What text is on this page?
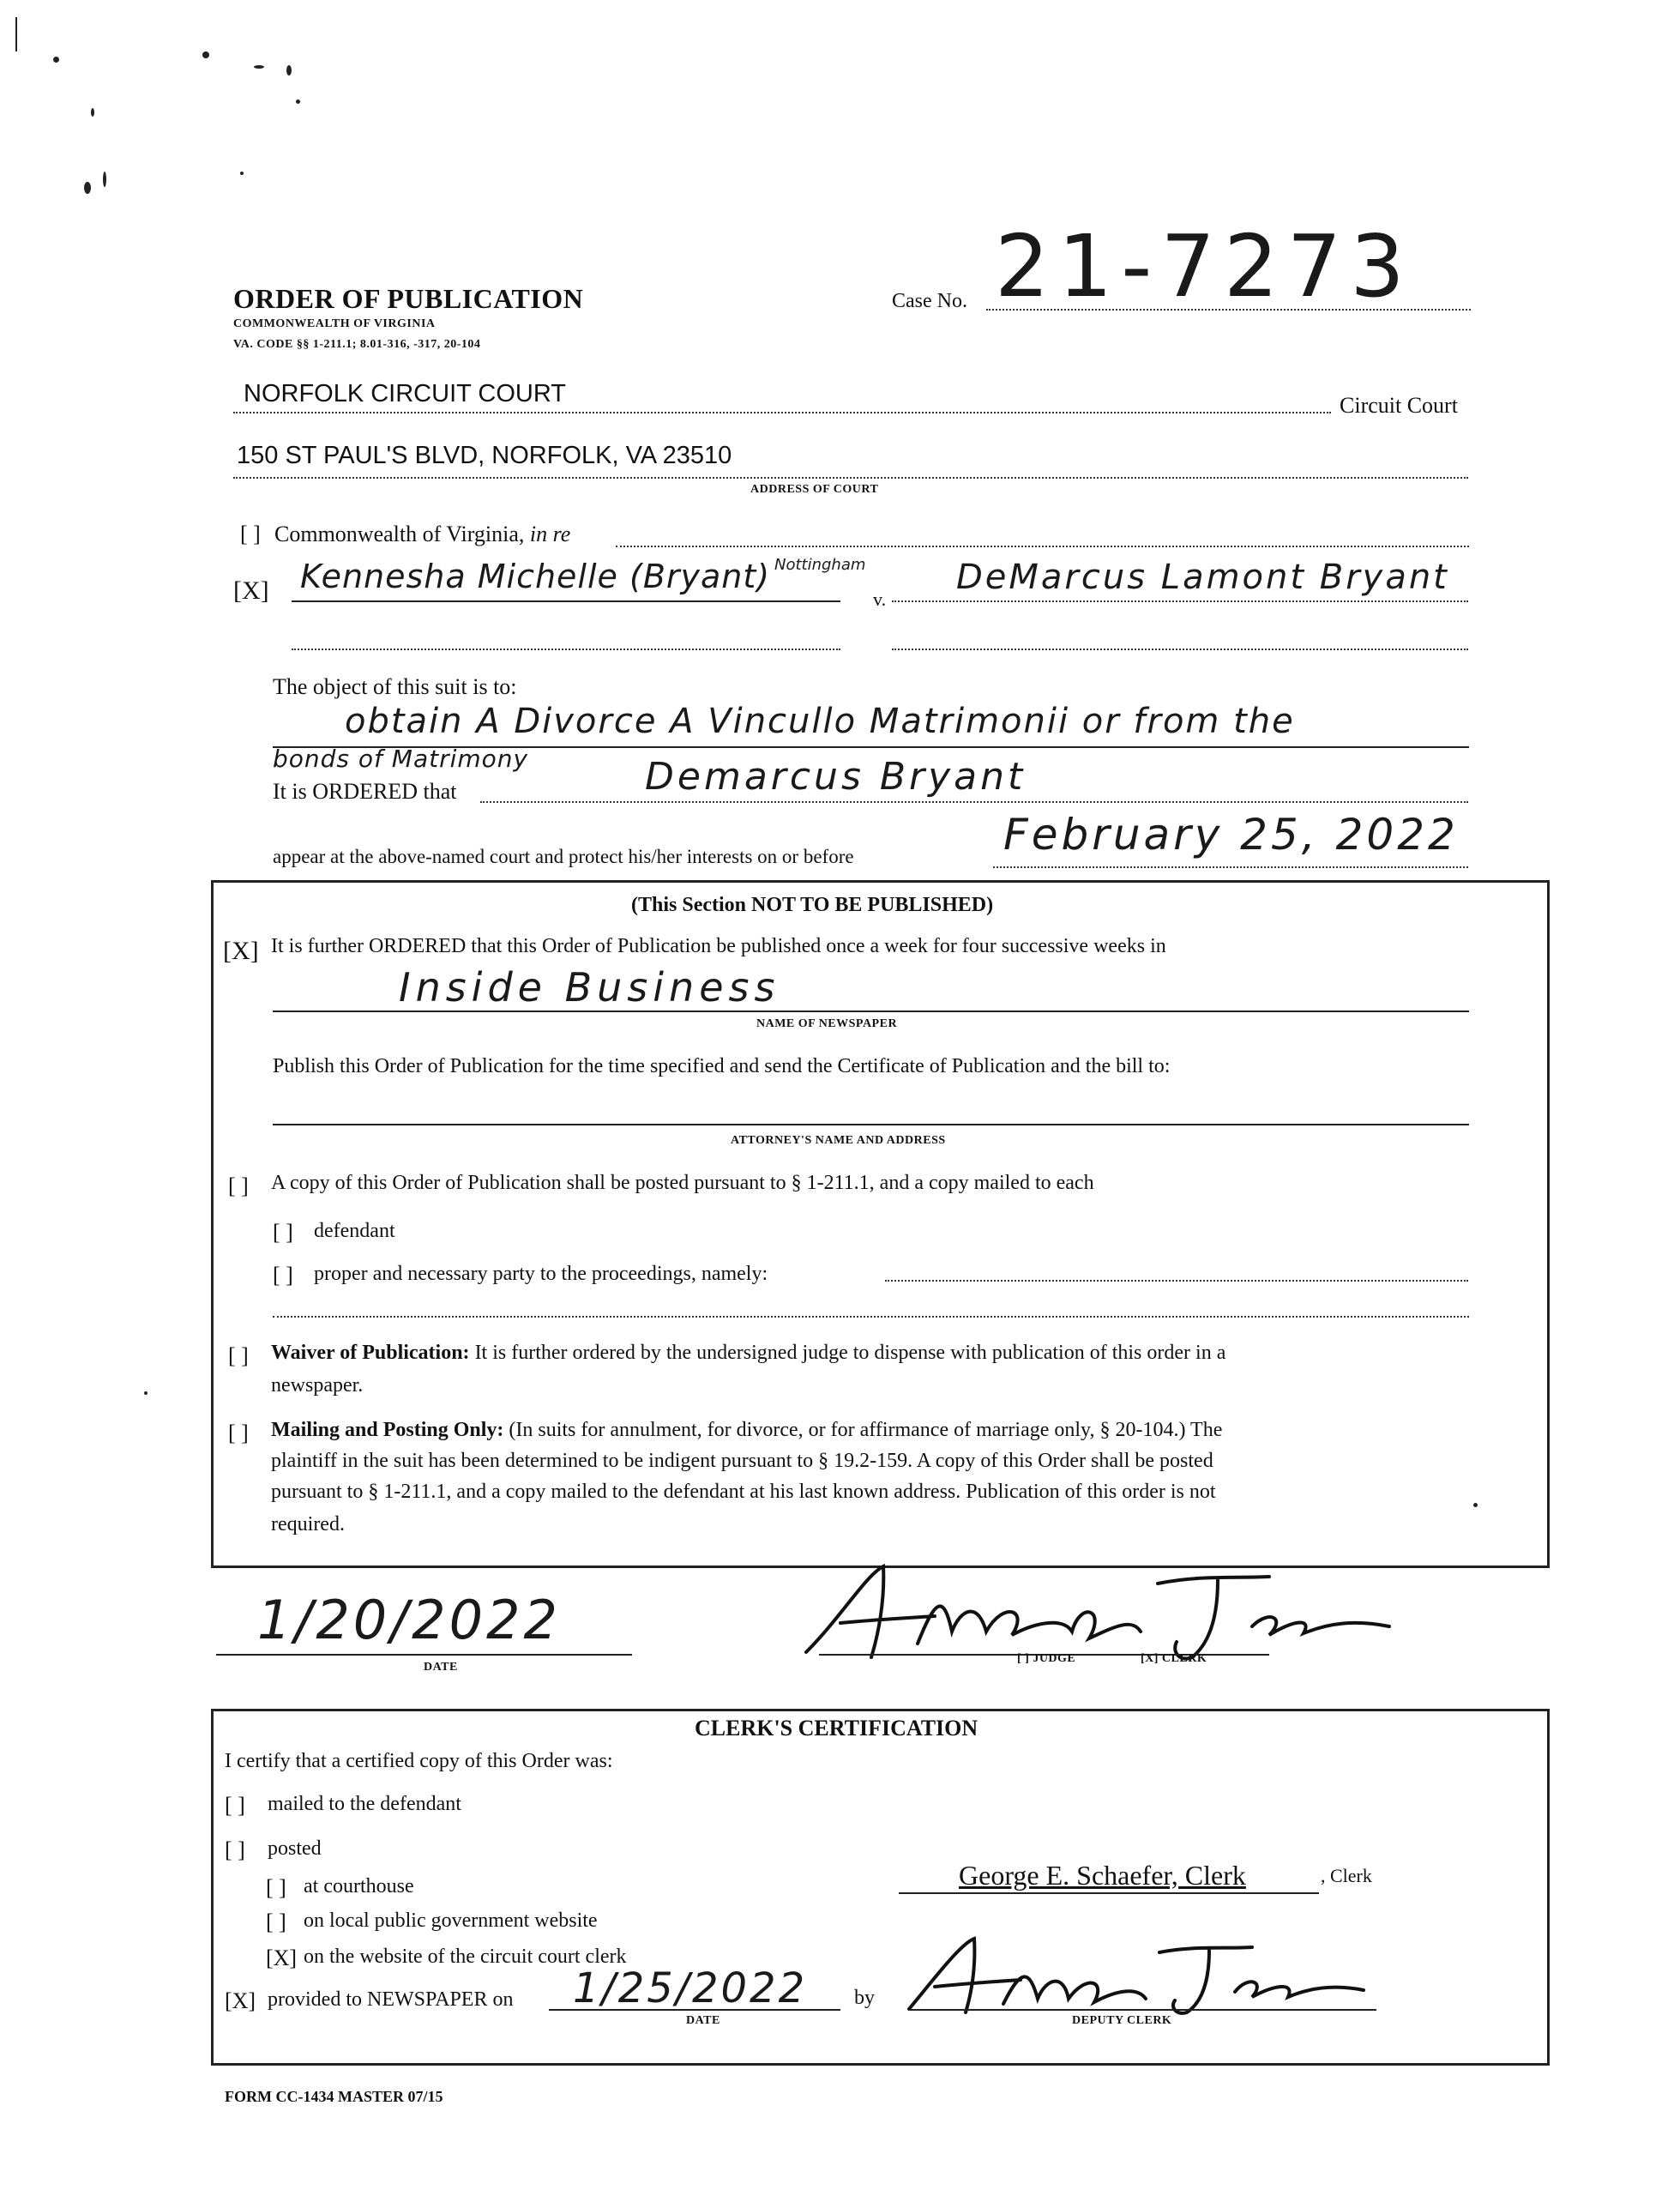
ORDER OF PUBLICATION
COMMONWEALTH OF VIRGINIA
VA. CODE §§ 1-211.1; 8.01-316, -317, 20-104
Case No. 21-7273
NORFOLK CIRCUIT COURT	Circuit Court
150 ST PAUL'S BLVD, NORFOLK, VA 23510
ADDRESS OF COURT
[ ] Commonwealth of Virginia, in re
[X] Kennesha Michelle (Bryant) Nottingham
v.
DeMarcus Lamont Bryant
The object of this suit is to:
obtain A Divorce A Vincullo Matrimonii or from the
bonds of Matrimony
It is ORDERED that	Demarcus Bryant
appear at the above-named court and protect his/her interests on or before	February 25, 2022
(This Section NOT TO BE PUBLISHED)
[X] It is further ORDERED that this Order of Publication be published once a week for four successive weeks in
Inside Business
NAME OF NEWSPAPER
Publish this Order of Publication for the time specified and send the Certificate of Publication and the bill to:
ATTORNEY'S NAME AND ADDRESS
[ ] A copy of this Order of Publication shall be posted pursuant to § 1-211.1, and a copy mailed to each
[ ] defendant
[ ] proper and necessary party to the proceedings, namely:
[ ] Waiver of Publication: It is further ordered by the undersigned judge to dispense with publication of this order in a
newspaper.
[ ] Mailing and Posting Only: (In suits for annulment, for divorce, or for affirmance of marriage only, § 20-104.) The
plaintiff in the suit has been determined to be indigent pursuant to § 19.2-159. A copy of this Order shall be posted
pursuant to § 1-211.1, and a copy mailed to the defendant at his last known address. Publication of this order is not
required.
1/20/2022
DATE
[ ] JUDGE	[X] CLERK
CLERK'S CERTIFICATION
I certify that a certified copy of this Order was:
[ ] mailed to the defendant
[ ] posted
[ ] at courthouse
[ ] on local public government website
[X] on the website of the circuit court clerk
[X] provided to NEWSPAPER on 1/25/2022
DATE
by
DEPUTY CLERK
George E. Schaefer, Clerk	, Clerk
FORM CC-1434 MASTER 07/15
